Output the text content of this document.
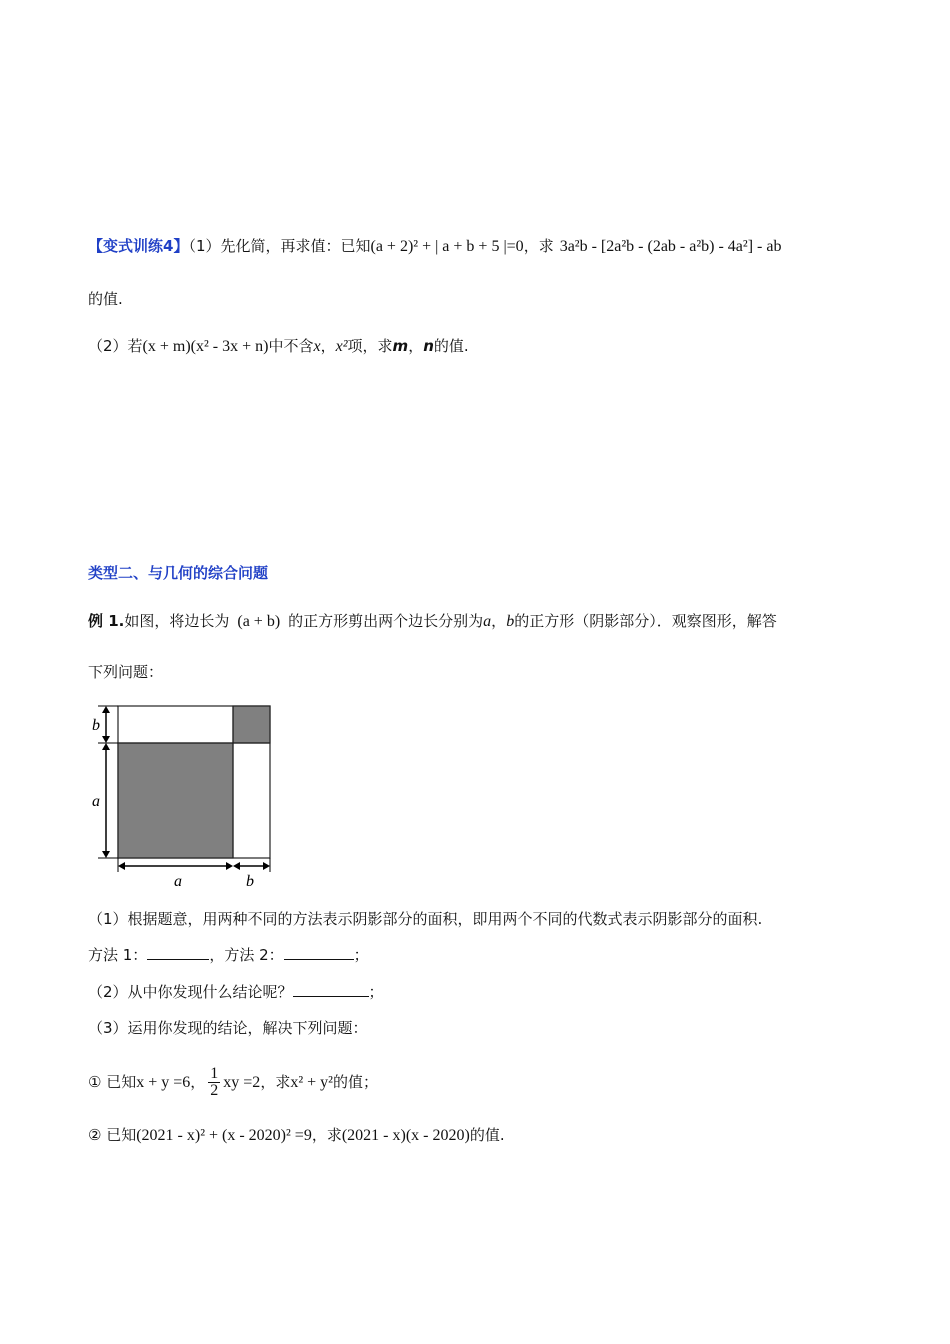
【变式训练4】（1）先化简，再求值：已知(a + 2)² + | a + b + 5 |=0，求 3a²b - [2a²b - (2ab - a²b) - 4a²] - ab
的值.
（2）若(x + m)(x² - 3x + n)中不含x，x²项，求m，n的值.
类型二、与几何的综合问题
例 1.如图，将边长为 (a + b) 的正方形剪出两个边长分别为a，b的正方形（阴影部分）．观察图形，解答
下列问题：
b
a
a	b
（1）根据题意，用两种不同的方法表示阴影部分的面积，即用两个不同的代数式表示阴影部分的面积.
方法 1：	，方法 2：	；
（2）从中你发现什么结论呢？	；
（3）运用你发现的结论，解决下列问题：
① 已知x + y =6， $\frac{1}{2}$ xy =2，求x² + y²的值；
② 已知(2021 - x)² + (x - 2020)² =9，求(2021 - x)(x - 2020)的值.
